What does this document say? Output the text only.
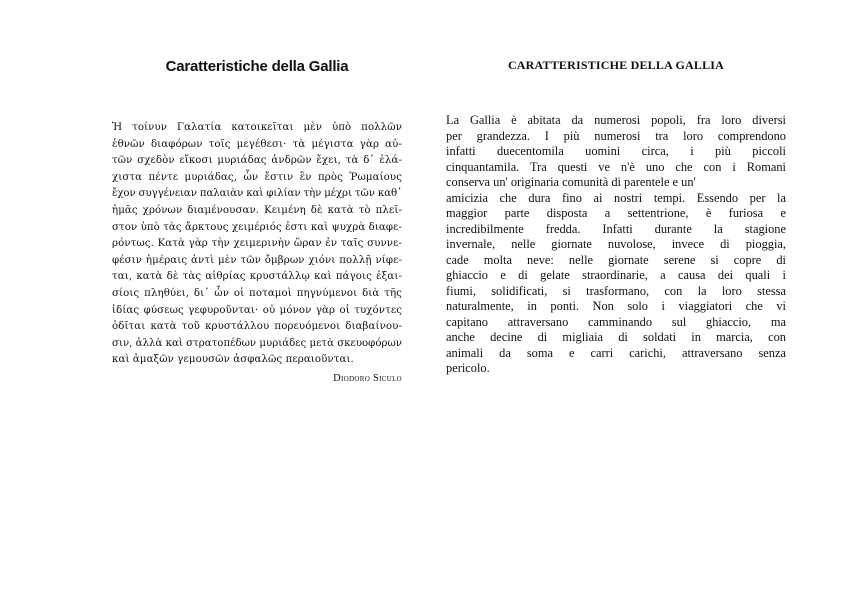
Caratteristiche della Gallia
Ἡ τοίνυν Γαλατία κατοικεῖται μὲν ὑπὸ πολλῶν
ἐθνῶν διαφόρων τοῖς μεγέθεσι· τὰ μέγιστα γὰρ αὐ-
τῶν σχεδὸν εἴκοσι μυριάδας ἀνδρῶν ἔχει, τὰ δ᾽ ἐλά-
χιστα πέντε μυριάδας, ὧν ἔστιν ἓν πρὸς Ῥωμαίους
ἔχον συγγένειαν παλαιὰν καὶ φιλίαν τὴν μέχρι τῶν καθ᾽
ἡμᾶς χρόνων διαμένουσαν. Κειμένη δὲ κατὰ τὸ πλεῖ-
στον ὑπὸ τὰς ἄρκτους χειμέριός ἐστι καὶ ψυχρὰ διαφε-
ρόντως. Κατὰ γὰρ τὴν χειμερινὴν ὥραν ἐν ταῖς συννε-
φέσιν ἡμέραις ἀντὶ μὲν τῶν ὄμβρων χιόνι πολλῇ νίφε-
ται, κατὰ δὲ τὰς αἰθρίας κρυστάλλῳ καὶ πάγοις ἐξαι-
σίοις πληθύει, δι᾽ ὧν οἱ ποταμοὶ πηγνύμενοι διὰ τῆς
ἰδίας φύσεως γεφυροῦνται· οὐ μόνον γὰρ οἱ τυχόντες
ὁδῖται κατὰ τοῦ κρυστάλλου πορευόμενοι διαβαίνου-
σιν, ἀλλὰ καὶ στρατοπέδων μυριάδες μετὰ σκευοφόρων
καὶ ἁμαξῶν γεμουσῶν ἀσφαλῶς περαιοῦνται.
Diodoro Siculo
CARATTERISTICHE DELLA GALLIA
La Gallia è abitata da numerosi popoli, fra loro diversi
per grandezza. I più numerosi tra loro comprendono
infatti duecentomila uomini circa, i più piccoli
cinquantamila. Tra questi ve n'è uno che con i Romani
conserva un' originaria comunità di parentele e un'
amicizia che dura fino ai nostri tempi. Essendo per la
maggior parte disposta a settentrione, è furiosa e
incredibilmente fredda. Infatti durante la stagione
invernale, nelle giornate nuvolose, invece di pioggia,
cade molta neve: nelle giornate serene si copre di
ghiaccio e di gelate straordinarie, a causa dei quali i
fiumi, solidificati, si trasformano, con la loro stessa
naturalmente, in ponti. Non solo i viaggiatori che vi
capitano attraversano camminando sul ghiaccio, ma
anche decine di migliaia di soldati in marcia, con
animali da soma e carri carichi, attraversano senza
pericolo.
